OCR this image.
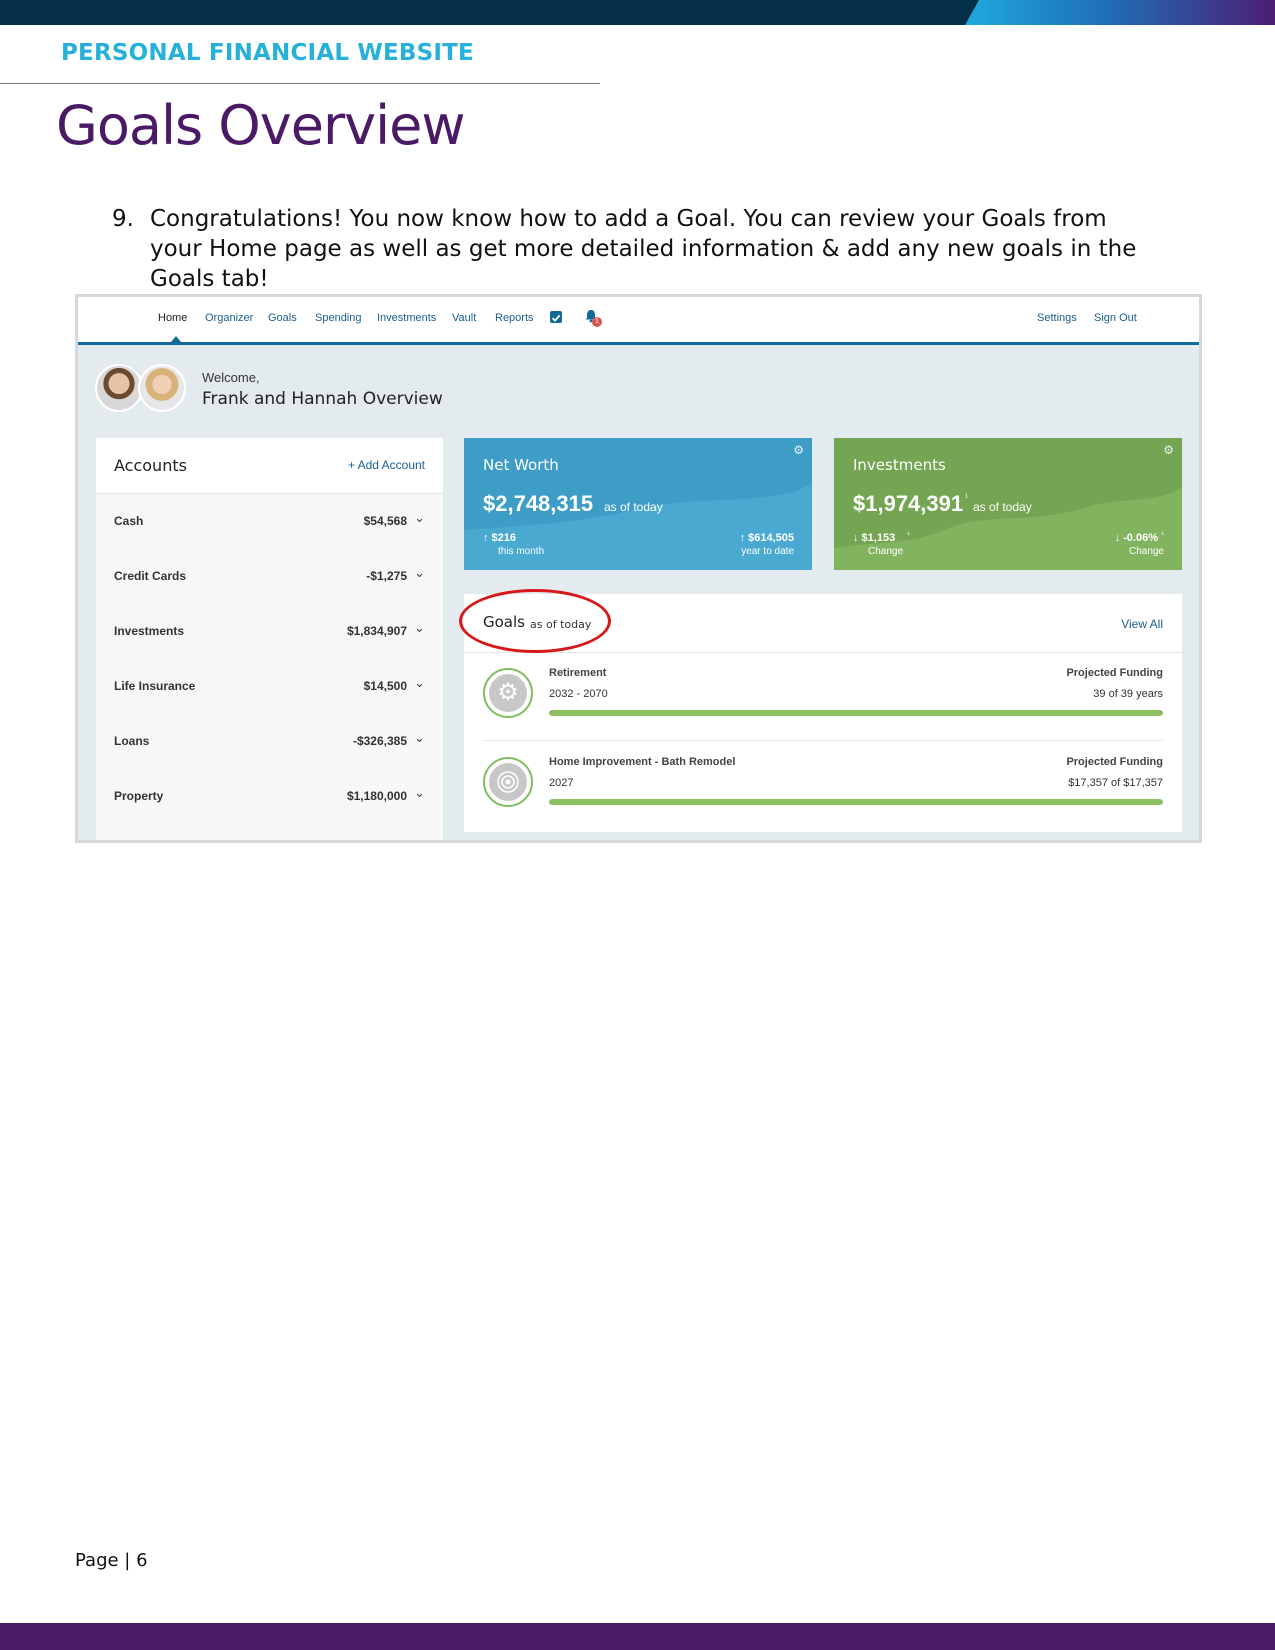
PERSONAL FINANCIAL WEBSITE
Goals Overview
9. Congratulations! You now know how to add a Goal. You can review your Goals from your Home page as well as get more detailed information & add any new goals in the Goals tab!
Home Organizer Goals Spending Investments Vault Reports	1	Settings Sign Out
Welcome,
Frank and Hannah Overview
Accounts	+ Add Account
Cash	$54,568 ⌄
Credit Cards	-$1,275 ⌄
Investments	$1,834,907 ⌄
Life Insurance	$14,500 ⌄
Loans	-$326,385 ⌄
Property	$1,180,000 ⌄
⚙
Net Worth
$2,748,315 as of today
↑ $216
this month
↑ $614,505
year to date
⚙
Investments
$1,974,391 ¹
as of today
↓ $1,153 ¹
Change
↓ -0.06% ¹
Change
Goals as of today	View All
⚙
Retirement
2032 - 2070
Projected Funding
39 of 39 years
Home Improvement - Bath Remodel
2027
Projected Funding
$17,357 of $17,357
Page | 6
